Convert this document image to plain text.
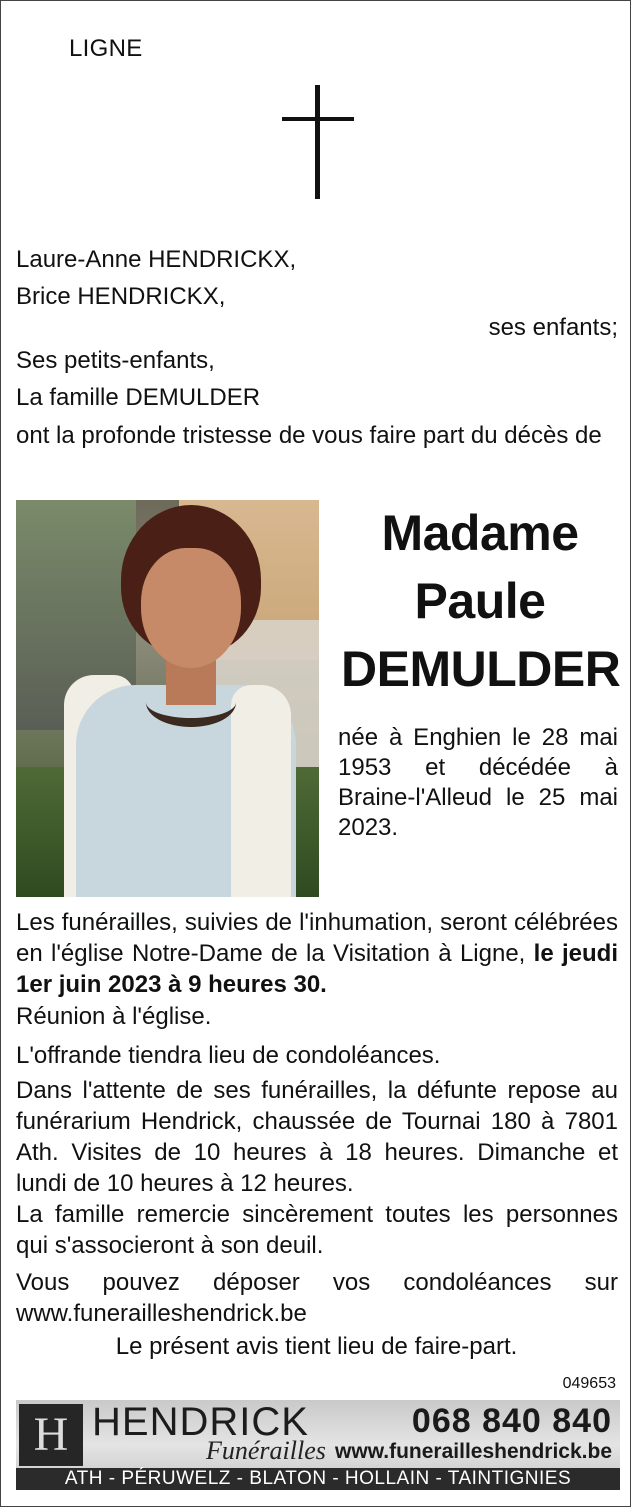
LIGNE
Laure-Anne HENDRICKX,
Brice HENDRICKX,
ses enfants;
Ses petits-enfants,
La famille DEMULDER
ont la profonde tristesse de vous faire part du décès de
Madame
Paule
DEMULDER
née à Enghien le 28 mai 1953 et décédée à Braine-l'Alleud le 25 mai 2023.
Les funérailles, suivies de l'inhumation, seront célébrées en l'église Notre-Dame de la Visitation à Ligne, le jeudi 1er juin 2023 à 9 heures 30.
Réunion à l'église.
L'offrande tiendra lieu de condoléances.
Dans l'attente de ses funérailles, la défunte repose au funérarium Hendrick, chaussée de Tournai 180 à 7801 Ath. Visites de 10 heures à 18 heures. Dimanche et lundi de 10 heures à 12 heures.
La famille remercie sincèrement toutes les personnes qui s'associeront à son deuil.
Vous pouvez déposer vos condoléances sur www.funerailleshendrick.be
Le présent avis tient lieu de faire-part.
049653
H HENDRICK
Funérailles
068 840 840
www.funerailleshendrick.be
ATH - PÉRUWELZ - BLATON - HOLLAIN - TAINTIGNIES
